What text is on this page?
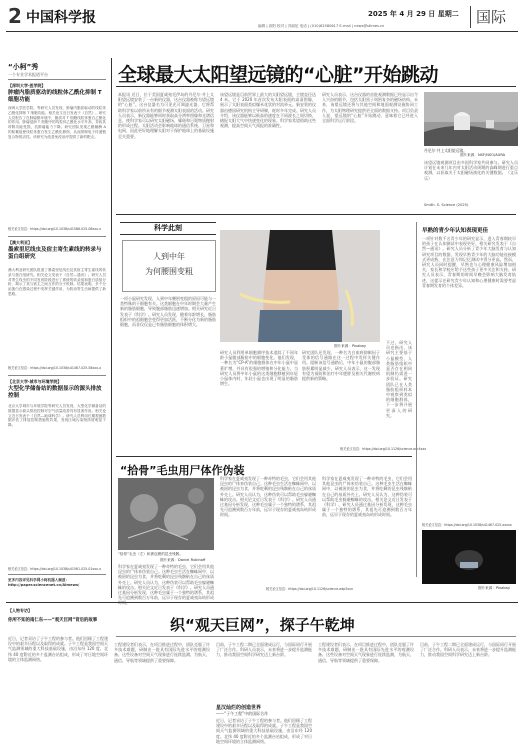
2 中国科学报	2025 年 4 月 29 日 星期二
编辑 | 高阳 校对 | 冯丽妃 电话 | (010)62580617 E-mail | news@stimes.cn	国际
“小柯”秀
一个专业学术报道平台
【深圳大学·医学院】
肿瘤内脂质驱动的线粒体乙酰化抑制 T 细胞功能
深圳大学医学院，等研究人员发现，肿瘤内脂质驱动的线粒体乙酰化抑制 T 细胞功能。相关论文近日发表于《自然》。研究人员报告了在肿瘤微环境中，脂质对 T 细胞线粒体蛋白乙酰化的作用。肿瘤浸润 T 细胞中的线粒体乙酰化水平升高，导致其呼吸功能受损，抗肿瘤能力下降。研究团队发现乙酰辅酶 A 的积累促使线粒体蛋白发生乙酰化修饰，从而抑制电子传递链复合物的活性。该研究为改善免疫治疗提供了新的靶点。
相关论文信息：https://doi.org/10.1038/s41586-025-08xxx-x
【澳大利亚】
墨索里尼线虫及宿主寄生素线的转录与蛋白组研究
澳大利亚研究团队报道了墨索里尼线虫及其宿主寄生素线的转录与蛋白组研究。相关论文发表于《自然—通讯》。研究人员对寄生线虫的不同发育阶段进行了系统的转录组和蛋白质组分析，揭示了其与宿主之间互作的分子机制。结果表明，多个分泌蛋白在感染过程中发挥关键作用，为防治寄生虫病提供了新思路。
相关论文信息：https://doi.org/10.1038/s41467-025-58xxx-x
【北京大学·城市与环境学院】
大型化学储备站的数据显示的源头排放控制
北京大学城市与环境学院等研究人员发现，大型化学储备站的数据显示源头排放控制对空气质量改善具有显著作用。相关论文近日发表于《自然—地球科学》。研究人员利用长期观测数据评估了排放控制措施的效果，发现区域污染物浓度明显下降。
相关论文信息：https://doi.org/10.1038/s41561-025-01xxx-x
更多内容详见科学网小柯机器人频道：http://paper.sciencenet.cn/Aimews/
全球最大太阳望远镜的“心脏”开始跳动
本报讯 近日，位于美国夏威夷毛伊岛的丹尼尔·井上太阳望远镜安装了一台新的仪器，这台仪器被称为望远镜的“心脏”。这台仪器名为可见光可调滤光器，它将帮助科学家以前所未有的细节观测太阳表面的活动。研究人员表示，新仪器能够同时获取高分辨率图像和光谱信息，使科学家可以研究太阳磁场、耀斑和日冕物质抛射的形成过程。太阳活动会影响地球的通信系统、卫星和电网，因此更好地理解太阳对于保护地球上的基础设施至关重要。
该望远镜是目前世界上最大的太阳望远镜，主镜直径达 4 米。它于 2020 年首次发布太阳表面的高清图像，展示了太阳表面类似爆米花状的对流单元。新安装的仪器由德国研究机构主导研制，耗时多年完成。研究人员介绍，该仪器能够以极高的速度在不同波长之间切换，捕捉太阳大气中快速变化的现象。科学家希望借助这些观测，提高空间天气预报的准确性。
研究人员表示，这台仪器的首批观测数据已经显示出令人兴奋的细节，包括太阳黑子周围复杂的磁场结构。未来，该望远镜还将与其他空间和地面观测设施协同工作，为太阳物理研究提供更全面的数据支持。项目负责人说，望远镜的“心脏”开始跳动，意味着它已经进入全面科学运行阶段。
丹尼尔·井上太阳望远镜。
图片来源：NSF/NSO/AURA
该望远镜观测项目由多国科学家共同参与。研究人员计划在未来几年内对太阳活动周期的高峰期进行重点观测，以获取关于太阳磁场演化的关键数据。（文乐乐）
Smith. S. Science (2025)
科学此刻
人到中年
为何腰围变粗
一项小鼠研究发现，人到中年腰围变粗的原因可能与一类特殊的干细胞有关。这类细胞在中年时期会大量产生新的脂肪细胞，导致腹部脂肪迅速增加。相关研究近日发表于《科学》。研究人员发现，随着年龄增长，脂肪组织中的祖细胞会变得更加活跃，不断分化为新的脂肪细胞，而非仅仅是已有脂肪细胞的体积增大。
图片来源：Pixabay
研究人员利用单细胞测序技术追踪了不同年龄小鼠腹部脂肪中的细胞变化。他们发现，一种名为“CP-A”的细胞群体在中年小鼠中显著扩增，并具有很强的增殖和分化能力。当研究人员将中年小鼠的这类细胞移植到年轻小鼠体内时，年轻小鼠也出现了明显的脂肪增生。
研究团队还发现，一种名为白血病抑制因子受体的信号通路在这一过程中发挥关键作用。阻断该信号通路后，中年小鼠的腹部脂肪积累明显减少。研究人员表示，这一发现有望为预防和治疗中年肥胖及相关代谢疾病提供新的策略。
不过，研究人员也指出，该研究主要基于小鼠模型，人类脂肪组织中是否存在相同机制仍需进一步验证。研究团队已在人类脂肪组织样本中观察到类似的细胞群体，下一步将开展更深入的研究。
相关论文信息：https://doi.org/10.1126/science.adr4xxx
早熟的青少年认知表现更佳
一项针对数千名青少年的研究显示，进入青春期较早的孩子在认知测试中表现更好。相关研究发表于《自然—通讯》。研究人员分析了青少年大脑发育与认知研究项目的数据，发现早熟青少年的大脑功能连接模式更成熟，在注意力和记忆测试中得分更高。然而，研究人员同时提醒，早熟也与心理健康风险增加相关，家长和学校应给予这些孩子更多关注和支持。研究人员表示，青春期的时间早晚会影响大脑发育轨迹，这提示在研究青少年认知和心理健康时需要考虑青春期发育的个体差异。
相关论文信息：https://doi.org/10.1038/s41467-025-xxxxx
图片来源：Pixabay
“拾骨”毛虫用尸体作伪装
“拾骨”毛虫（左）和被包裹的昆虫残骸。
图片来源：Daniel Rubinoff
科学家在夏威夷发现了一种奇特的毛虫，它们会用其他昆虫的尸体来伪装自己。这种毛虫生活在蜘蛛网中，以被困的昆虫为食，并将吃剩的昆虫残骸粘在自己的丝质外壳上。研究人员认为，这种伪装可以帮助毛虫躲避蜘蛛的攻击。相关论文近日发表于《科学》。研究人员通过基因分析发现，这种毛虫属于一个独特的谱系，其祖先可追溯到数百万年前，远早于现存的夏威夷岛屿形成
科学家在夏威夷发现了一种奇特的毛虫，它们会用其他昆虫的尸体来伪装自己。这种毛虫生活在蜘蛛网中，以被困的昆虫为食，并将吃剩的昆虫残骸粘在自己的丝质外壳上。研究人员认为，这种伪装可以帮助毛虫躲避蜘蛛的攻击。相关论文近日发表于《科学》。研究人员通过基因分析发现，这种毛虫属于一个独特的谱系，其祖先可追溯到数百万年前，远早于现存的夏威夷岛屿形成时间。
科学家在夏威夷发现了一种奇特的毛虫，它们会用其他昆虫的尸体来伪装自己。这种毛虫生活在蜘蛛网中，以被困的昆虫为食，并将吃剩的昆虫残骸粘在自己的丝质外壳上。研究人员认为，这种伪装可以帮助毛虫躲避蜘蛛的攻击。相关论文近日发表于《科学》。研究人员通过基因分析发现，这种毛虫属于一个独特的谱系，其祖先可追溯到数百万年前，远早于现存的夏威夷岛屿形成时间。
相关论文信息：https://doi.org/10.1126/science.adp3xxx
【人物专访】
你所不知的南仁东——“观天巨网”背后的故事	织“观天巨网”，探子午乾坤
近日，记者采访了子午工程的参与者。他们回顾了工程建设中的艰辛历程以及取得的成就。子午工程是我国空间天气监测领域的重大科技基础设施，由沿东经 120 度、北纬 40 度附近的多个监测台站组成，形成了对日地空间环境的立体监测网络。
工程建设者们表示，在项目推进过程中，团队克服了许多技术难题，研制出一批具有国际先进水平的观测设备。这些设备对空间天气现象进行连续监测，为航天、通信、导航等领域提供了重要保障。
目前，子午工程二期已全面建成运行，与国际同行开展了广泛合作。科研人员表示，未来将进一步提升监测能力，推动我国空间科学研究迈上新台阶。
星汉灿烂的创造世界
——“子午工程”中的国际合作
近日，记者采访了子午工程的参与者。他们回顾了工程建设中的艰辛历程以及取得的成就。子午工程是我国空间天气监测领域的重大科技基础设施，由沿东经 120 度、北纬 40 度附近的多个监测台站组成，形成了对日地空间环境的立体监测网络。
工程建设者们表示，在项目推进过程中，团队克服了许多技术难题，研制出一批具有国际先进水平的观测设备。这些设备对空间天气现象进行连续监测，为航天、通信、导航等领域提供了重要保障。
目前，子午工程二期已全面建成运行，与国际同行开展了广泛合作。科研人员表示，未来将进一步提升监测能力，推动我国空间科学研究迈上新台阶。
